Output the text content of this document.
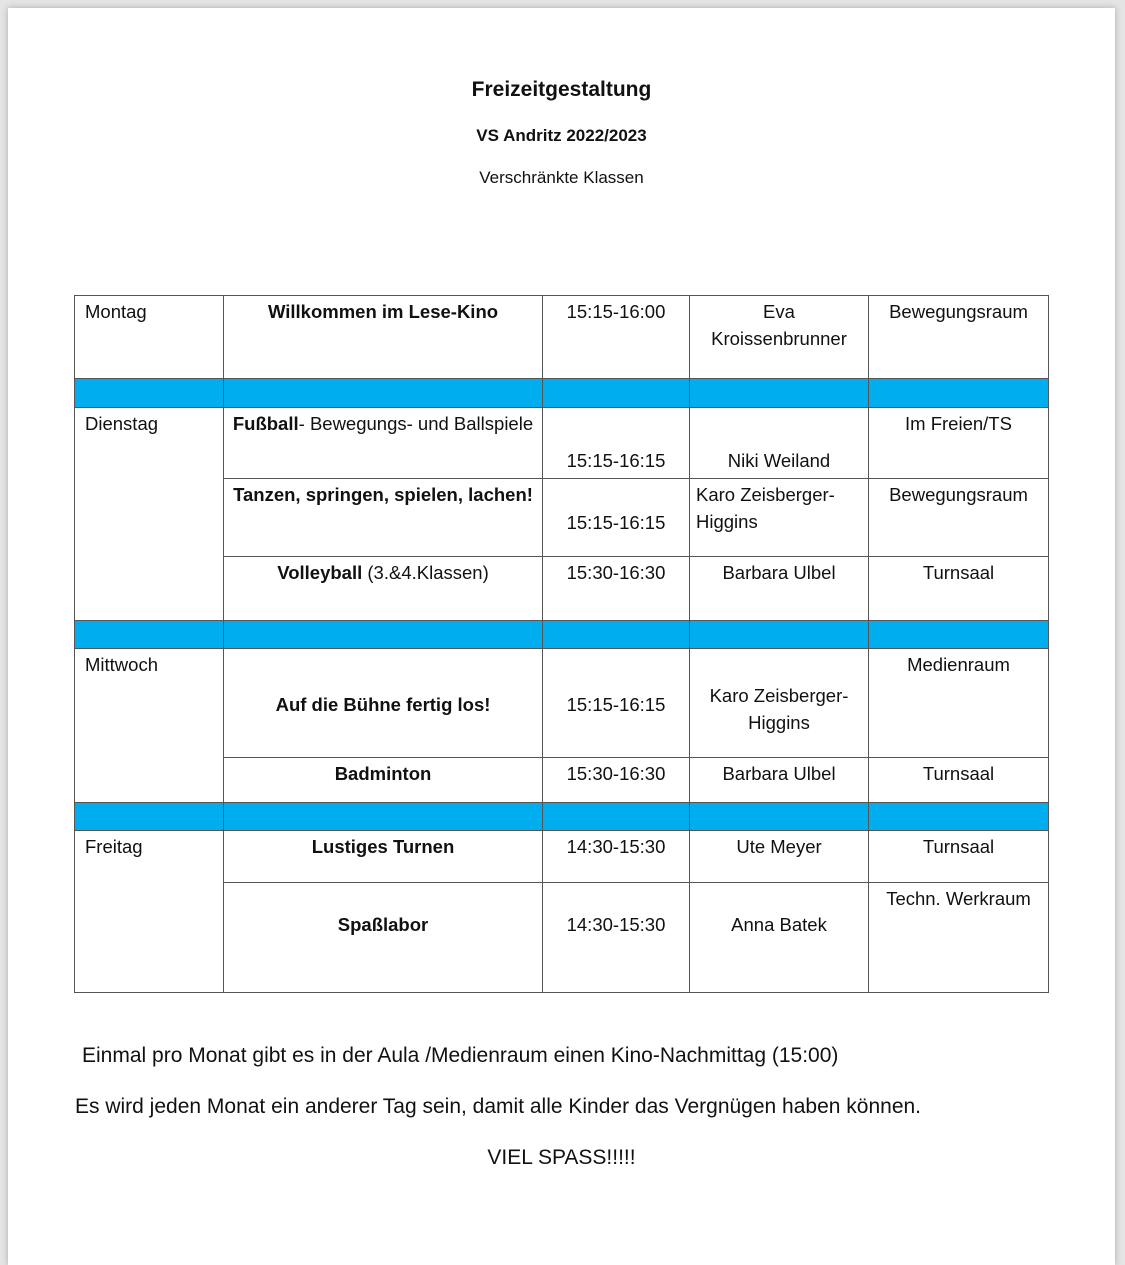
Freizeitgestaltung
VS Andritz 2022/2023
Verschränkte Klassen
Montag	Willkommen im Lese-Kino	15:15-16:00	Eva Kroissenbrunner	Bewegungsraum

Dienstag	Fußball- Bewegungs- und Ballspiele	15:15-16:15	Niki Weiland	Im Freien/TS
	Tanzen, springen, spielen, lachen!	15:15-16:15	Karo Zeisberger-Higgins	Bewegungsraum
	Volleyball (3.&4.Klassen)	15:30-16:30	Barbara Ulbel	Turnsaal

Mittwoch	Auf die Bühne fertig los!	15:15-16:15	Karo Zeisberger-Higgins	Medienraum
	Badminton	15:30-16:30	Barbara Ulbel	Turnsaal

Freitag	Lustiges Turnen	14:30-15:30	Ute Meyer	Turnsaal
	Spaßlabor	14:30-15:30	Anna Batek	Techn. Werkraum
Einmal pro Monat gibt es in der Aula /Medienraum einen Kino-Nachmittag (15:00)
Es wird jeden Monat ein anderer Tag sein, damit alle Kinder das Vergnügen haben können.
VIEL SPASS!!!!!
